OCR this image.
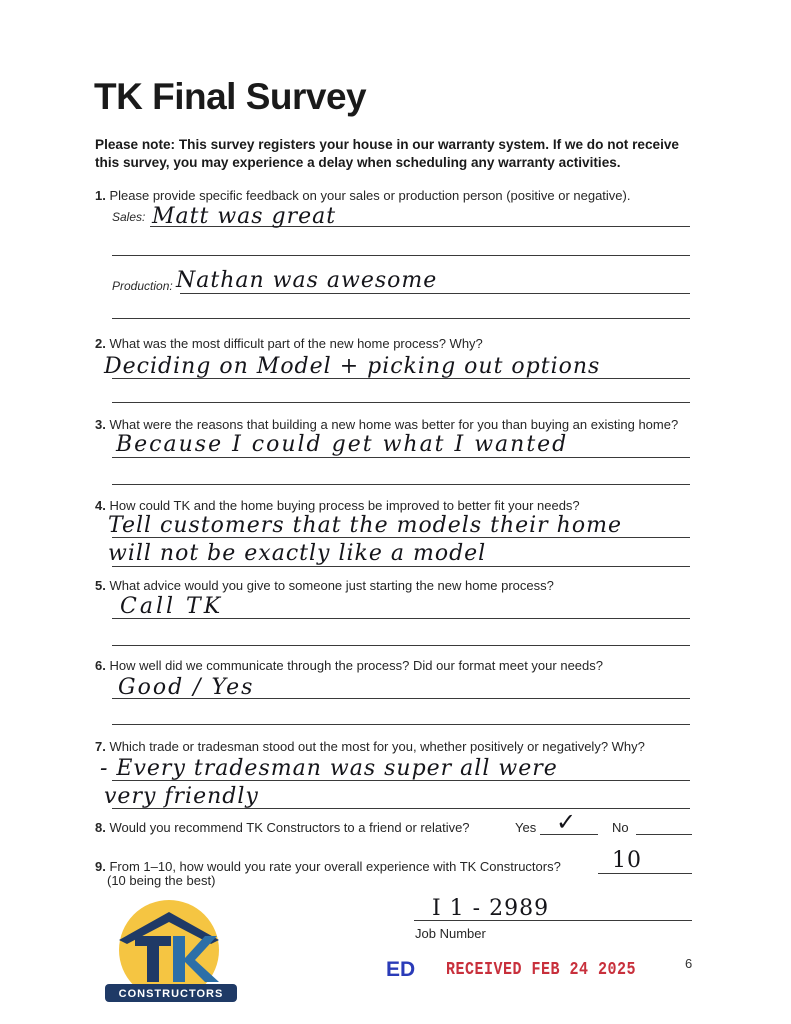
TK Final Survey
Please note: This survey registers your house in our warranty system. If we do not receive this survey, you may experience a delay when scheduling any warranty activities.
1. Please provide specific feedback on your sales or production person (positive or negative).
Sales: Matt was great
Production: Nathan was awesome
2. What was the most difficult part of the new home process? Why?
Deciding on Model + picking out options
3. What were the reasons that building a new home was better for you than buying an existing home?
Because I could get what I wanted
4. How could TK and the home buying process be improved to better fit your needs?
Tell customers that the models their home
will not be exactly like a model
5. What advice would you give to someone just starting the new home process?
Call TK
6. How well did we communicate through the process? Did our format meet your needs?
Good / Yes
7. Which trade or tradesman stood out the most for you, whether positively or negatively? Why?
- Every tradesman was super all were
very friendly
8. Would you recommend TK Constructors to a friend or relative?	Yes ✓	No
9. From 1–10, how would you rate your overall experience with TK Constructors?
(10 being the best)
10
I 1 - 2989
Job Number
ED RECEIVED FEB 24 2025	6
CONSTRUCTORS
